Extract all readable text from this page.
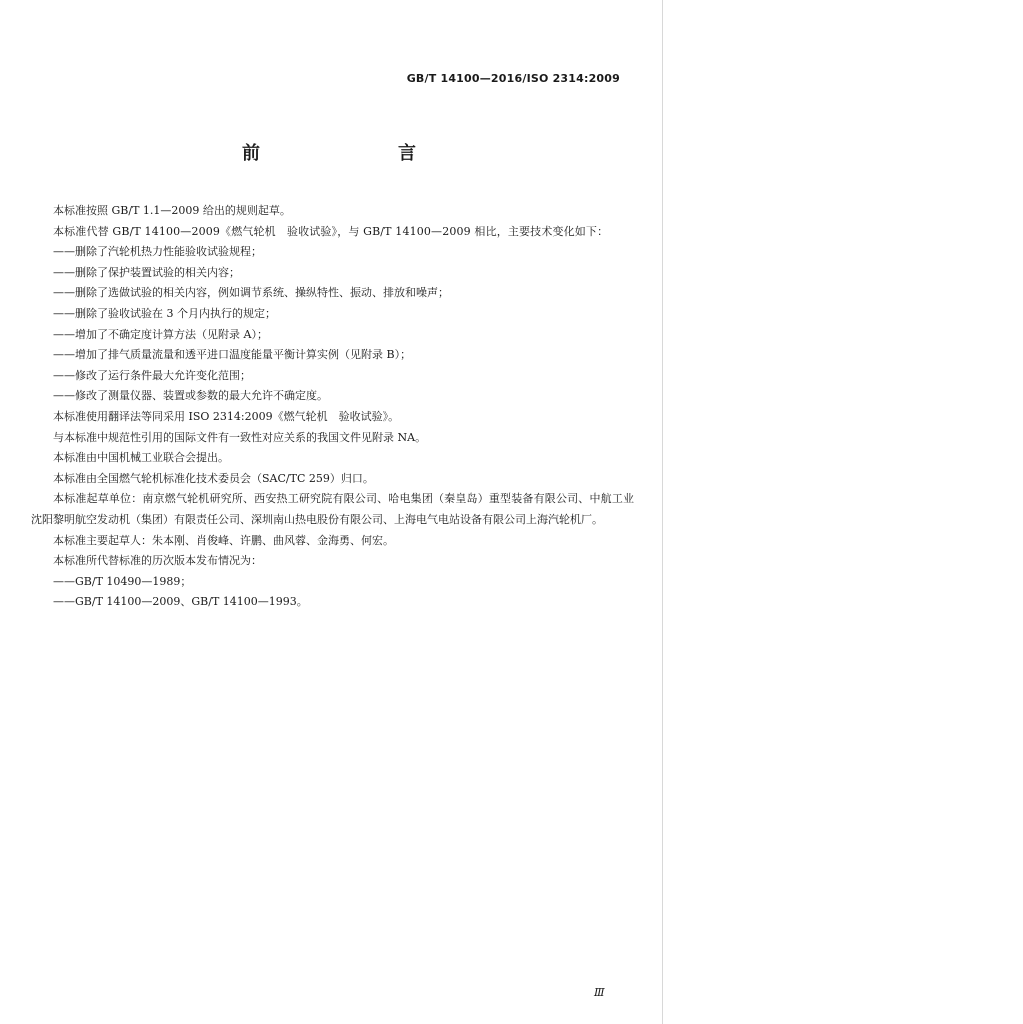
GB/T 14100—2016/ISO 2314:2009
前　　言

本标准按照 GB/T 1.1—2009 给出的规则起草。

本标准代替 GB/T 14100—2009《燃气轮机　验收试验》，与 GB/T 14100—2009 相比，主要技术变化如下：

——删除了汽轮机热力性能验收试验规程；
——删除了保护装置试验的相关内容；
——删除了选做试验的相关内容，例如调节系统、操纵特性、振动、排放和噪声；
——删除了验收试验在 3 个月内执行的规定；
——增加了不确定度计算方法（见附录 A）；
——增加了排气质量流量和透平进口温度能量平衡计算实例（见附录 B）；
——修改了运行条件最大允许变化范围；
——修改了测量仪器、装置或参数的最大允许不确定度。

本标准使用翻译法等同采用 ISO 2314:2009《燃气轮机　验收试验》。

与本标准中规范性引用的国际文件有一致性对应关系的我国文件见附录 NA。

本标准由中国机械工业联合会提出。

本标准由全国燃气轮机标准化技术委员会（SAC/TC 259）归口。

本标准起草单位：南京燃气轮机研究所、西安热工研究院有限公司、哈电集团（秦皇岛）重型装备有限公司、中航工业沈阳黎明航空发动机（集团）有限责任公司、深圳南山热电股份有限公司、上海电气电站设备有限公司上海汽轮机厂。

本标准主要起草人：朱本刚、肖俊峰、许鹏、曲风蓉、金海勇、何宏。

本标准所代替标准的历次版本发布情况为：

——GB/T 10490—1989；
——GB/T 14100—2009、GB/T 14100—1993。
Ⅲ
